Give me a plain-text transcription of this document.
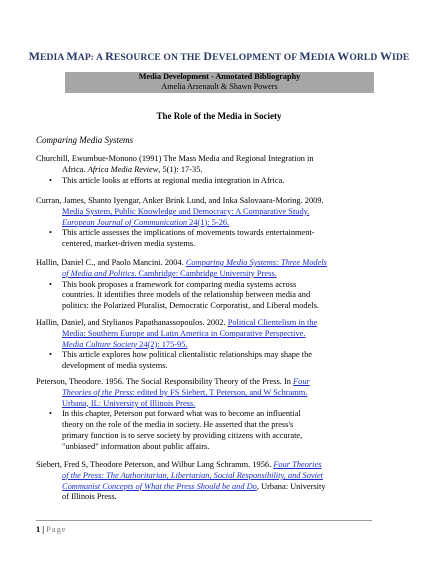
MEDIA MAP: A RESOURCE ON THE DEVELOPMENT OF MEDIA WORLD WIDE
Media Development - Annotated Bibliography
Amelia Arsenault & Shawn Powers
The Role of the Media in Society
Comparing Media Systems

Churchill, Ewumbue-Monono (1991) The Mass Media and Regional Integration in

Africa. Africa Media Review, 5(1): 17-35.

• This article looks at efforts at regional media integration in Africa.

Curran, James, Shanto Iyengar, Anker Brink Lund, and Inka Salovaara-Moring. 2009.

Media System, Public Knowledge and Democracy: A Comparative Study.

European Journal of Communication 24(1): 5-26.

• This article assesses the implications of movements towards entertainment-
centered, market-driven media systems.

Hallin, Daniel C., and Paolo Mancini. 2004. Comparing Media Systems: Three Models

of Media and Politics. Cambridge: Cambridge University Press.

• This book proposes a framework for comparing media systems across
countries. It identifies three models of the relationship between media and
politics: the Polarized Pluralist, Democratic Corporatist, and Liberal models.

Hallin, Daniel, and Stylianos Papathanassopoulos. 2002. Political Clientelism in the

Media: Southern Europe and Latin America in Comparative Perspective.

Media Culture Society 24(2): 175-95.

• This article explores how political clientalistic relationships may shape the
development of media systems.

Peterson, Theodore. 1956. The Social Responsibility Theory of the Press. In Four

Theories of the Press: edited by FS Siebert, T Peterson, and W Schramm.

Urbana, IL: University of Illinois Press.

• In this chapter, Peterson put forward what was to become an influential
theory on the role of the media in society. He asserted that the press's
primary function is to serve society by providing citizens with accurate,
"unbiased" information about public affairs.

Siebert, Fred S, Theodore Peterson, and Wilbur Lang Schramm. 1956. Four Theories

of the Press: The Authoritarian, Libertarian, Social Responsibility, and Soviet

Communist Concepts of What the Press Should be and Do, Urbana: University

of Illinois Press.

1 | Page
